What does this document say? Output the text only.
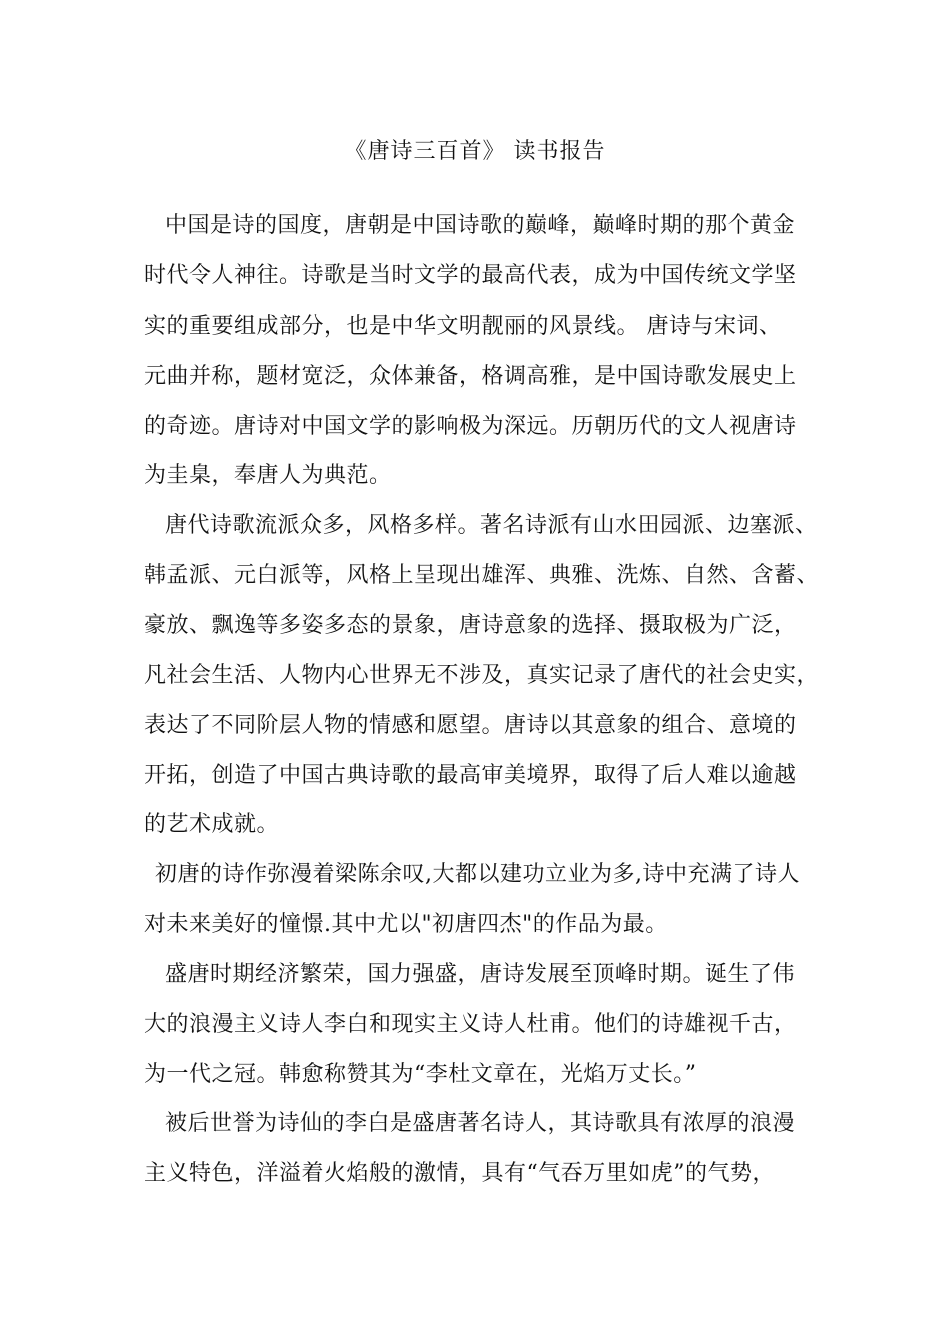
《唐诗三百首》 读书报告
中国是诗的国度，唐朝是中国诗歌的巅峰，巅峰时期的那个黄金
时代令人神往。诗歌是当时文学的最高代表，成为中国传统文学坚
实的重要组成部分，也是中华文明靓丽的风景线。 唐诗与宋词、
元曲并称，题材宽泛，众体兼备，格调高雅，是中国诗歌发展史上
的奇迹。唐诗对中国文学的影响极为深远。历朝历代的文人视唐诗
为圭臬，奉唐人为典范。
唐代诗歌流派众多，风格多样。著名诗派有山水田园派、边塞派、
韩孟派、元白派等，风格上呈现出雄浑、典雅、洗炼、自然、含蓄、
豪放、飘逸等多姿多态的景象，唐诗意象的选择、摄取极为广泛，
凡社会生活、人物内心世界无不涉及，真实记录了唐代的社会史实，
表达了不同阶层人物的情感和愿望。唐诗以其意象的组合、意境的
开拓，创造了中国古典诗歌的最高审美境界，取得了后人难以逾越
的艺术成就。
初唐的诗作弥漫着梁陈余叹,大都以建功立业为多,诗中充满了诗人
对未来美好的憧憬.其中尤以"初唐四杰"的作品为最。
盛唐时期经济繁荣，国力强盛，唐诗发展至顶峰时期。诞生了伟
大的浪漫主义诗人李白和现实主义诗人杜甫。他们的诗雄视千古，
为一代之冠。韩愈称赞其为“李杜文章在，光焰万丈长。”
被后世誉为诗仙的李白是盛唐著名诗人，其诗歌具有浓厚的浪漫
主义特色，洋溢着火焰般的激情，具有“气吞万里如虎”的气势，
